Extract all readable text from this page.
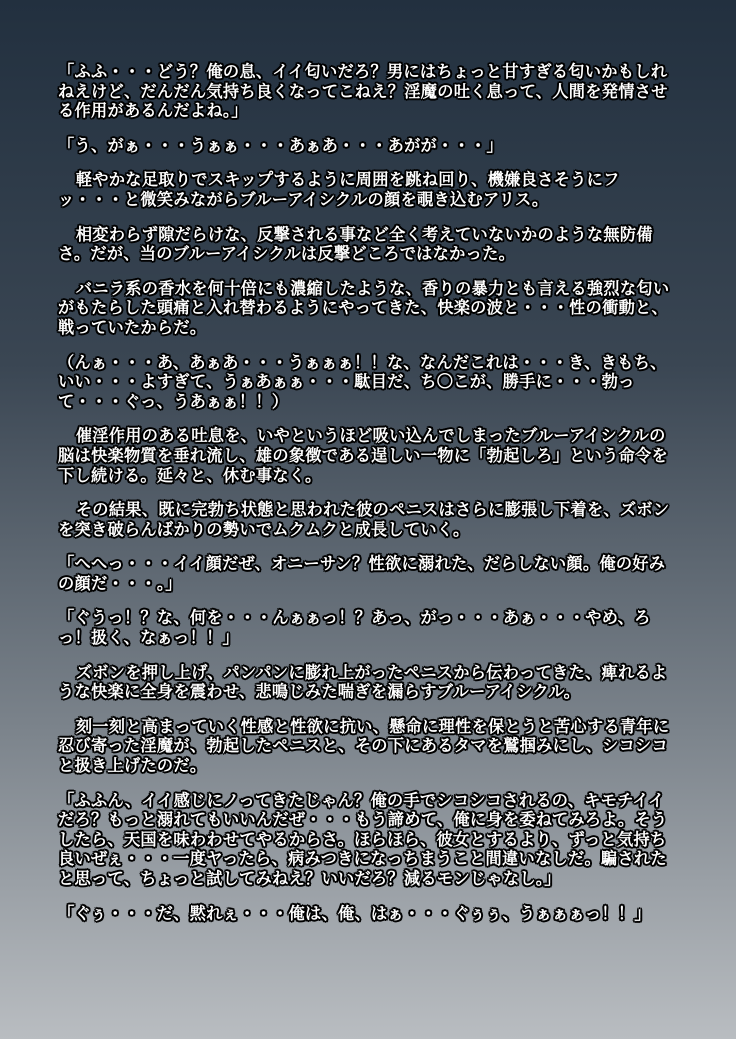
「ふふ・・・どう？俺の息、イイ匂いだろ？男にはちょっと甘すぎる匂いかもしれねえけど、だんだん気持ち良くなってこねえ？淫魔の吐く息って、人間を発情させる作用があるんだよね。」

「う、がぁ・・・うぁぁ・・・あぁあ・・・あがが・・・」

軽やかな足取りでスキップするように周囲を跳ね回り、機嫌良さそうにフッ・・・と微笑みながらブルーアイシクルの顔を覗き込むアリス。

相変わらず隙だらけな、反撃される事など全く考えていないかのような無防備さ。だが、当のブルーアイシクルは反撃どころではなかった。

バニラ系の香水を何十倍にも濃縮したような、香りの暴力とも言える強烈な匂いがもたらした頭痛と入れ替わるようにやってきた、快楽の波と・・・性の衝動と、戦っていたからだ。

（んぁ・・・あ、あぁあ・・・うぁぁぁ！！な、なんだこれは・・・き、きもち、いい・・・よすぎて、うぁあぁぁ・・・駄目だ、ち〇こが、勝手に・・・勃って・・・ぐっ、うあぁぁ！！）

催淫作用のある吐息を、いやというほど吸い込んでしまったブルーアイシクルの脳は快楽物質を垂れ流し、雄の象徴である逞しい一物に「勃起しろ」という命令を下し続ける。延々と、休む事なく。

その結果、既に完勃ち状態と思われた彼のペニスはさらに膨張し下着を、ズボンを突き破らんばかりの勢いでムクムクと成長していく。

「へへっ・・・イイ顔だぜ、オニーサン？性欲に溺れた、だらしない顔。俺の好みの顔だ・・・。」

「ぐうっ！？な、何を・・・んぁぁっ！？あっ、がっ・・・あぁ・・・やめ、ろっ！扱く、なぁっ！！」

ズボンを押し上げ、パンパンに膨れ上がったペニスから伝わってきた、痺れるような快楽に全身を震わせ、悲鳴じみた喘ぎを漏らすブルーアイシクル。

刻一刻と高まっていく性感と性欲に抗い、懸命に理性を保とうと苦心する青年に忍び寄った淫魔が、勃起したペニスと、その下にあるタマを鷲掴みにし、シコシコと扱き上げたのだ。

「ふふん、イイ感じにノってきたじゃん？俺の手でシコシコされるの、キモチイイだろ？もっと溺れてもいいんだぜ・・・もう諦めて、俺に身を委ねてみろよ。そうしたら、天国を味わわせてやるからさ。ほらほら、彼女とするより、ずっと気持ち良いぜぇ・・・一度ヤったら、病みつきになっちまうこと間違いなしだ。騙されたと思って、ちょっと試してみねえ？いいだろ？減るモンじゃなし。」

「ぐぅ・・・だ、黙れぇ・・・俺は、俺、はぁ・・・ぐぅぅ、うぁぁぁっ！！」
